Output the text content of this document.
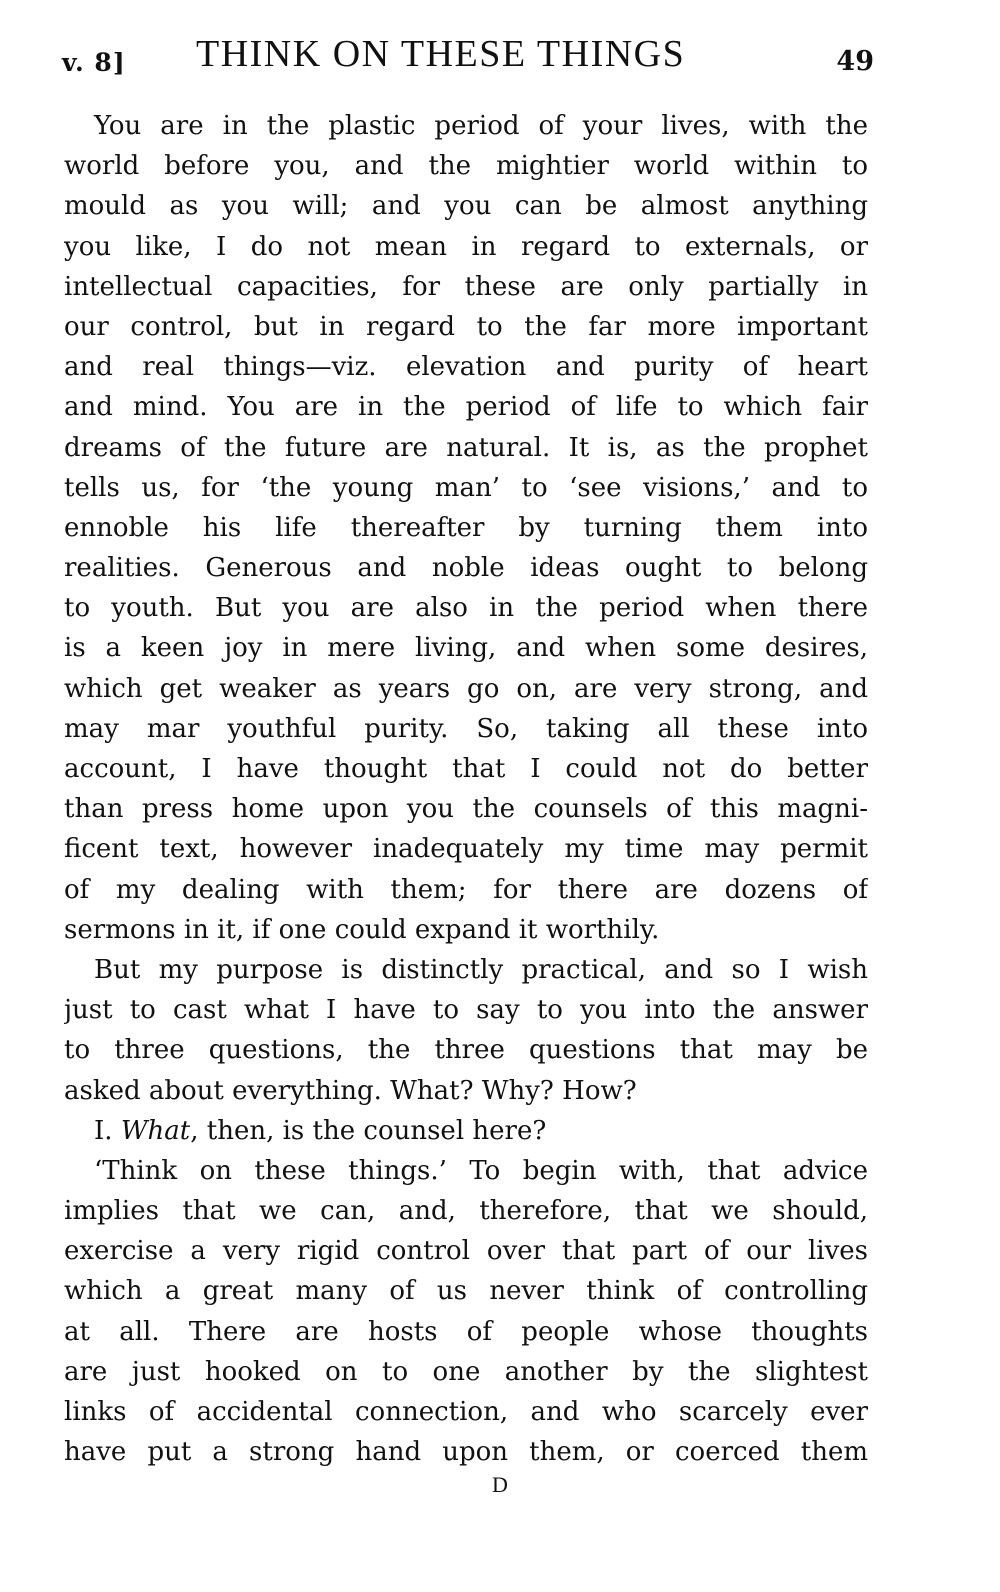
v. 8] THINK ON THESE THINGS	49
You are in the plastic period of your lives, with the
world before you, and the mightier world within to
mould as you will; and you can be almost anything
you like, I do not mean in regard to externals, or
intellectual capacities, for these are only partially in
our control, but in regard to the far more important
and real things—viz. elevation and purity of heart
and mind. You are in the period of life to which fair
dreams of the future are natural. It is, as the prophet
tells us, for ‘the young man’ to ‘see visions,’ and to
ennoble his life thereafter by turning them into
realities. Generous and noble ideas ought to belong
to youth. But you are also in the period when there
is a keen joy in mere living, and when some desires,
which get weaker as years go on, are very strong, and
may mar youthful purity. So, taking all these into
account, I have thought that I could not do better
than press home upon you the counsels of this magni-
ficent text, however inadequately my time may permit
of my dealing with them; for there are dozens of
sermons in it, if one could expand it worthily.
But my purpose is distinctly practical, and so I wish
just to cast what I have to say to you into the answer
to three questions, the three questions that may be
asked about everything. What? Why? How?
I. What, then, is the counsel here?
‘Think on these things.’ To begin with, that advice
implies that we can, and, therefore, that we should,
exercise a very rigid control over that part of our lives
which a great many of us never think of controlling
at all. There are hosts of people whose thoughts
are just hooked on to one another by the slightest
links of accidental connection, and who scarcely ever
have put a strong hand upon them, or coerced them
D
